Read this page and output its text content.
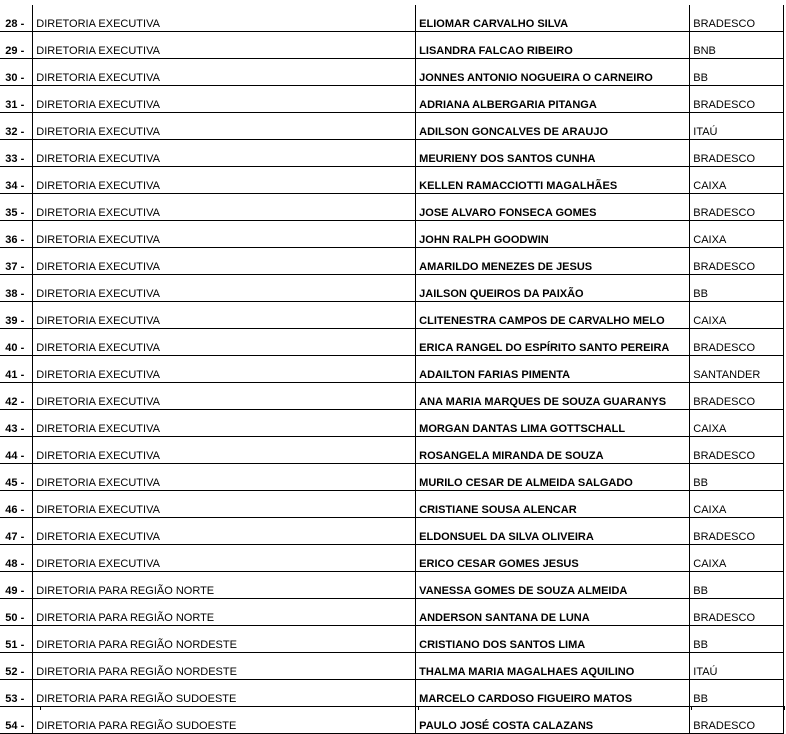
28 -	DIRETORIA EXECUTIVA	ELIOMAR CARVALHO SILVA	BRADESCO
29 -	DIRETORIA EXECUTIVA	LISANDRA FALCAO RIBEIRO	BNB
30 -	DIRETORIA EXECUTIVA	JONNES ANTONIO NOGUEIRA O CARNEIRO	BB
31 -	DIRETORIA EXECUTIVA	ADRIANA ALBERGARIA PITANGA	BRADESCO
32 -	DIRETORIA EXECUTIVA	ADILSON GONCALVES DE ARAUJO	ITAÚ
33 -	DIRETORIA EXECUTIVA	MEURIENY DOS SANTOS CUNHA	BRADESCO
34 -	DIRETORIA EXECUTIVA	KELLEN RAMACCIOTTI MAGALHÃES	CAIXA
35 -	DIRETORIA EXECUTIVA	JOSE ALVARO FONSECA GOMES	BRADESCO
36 -	DIRETORIA EXECUTIVA	JOHN RALPH GOODWIN	CAIXA
37 -	DIRETORIA EXECUTIVA	AMARILDO MENEZES DE JESUS	BRADESCO
38 -	DIRETORIA EXECUTIVA	JAILSON QUEIROS DA PAIXÃO	BB
39 -	DIRETORIA EXECUTIVA	CLITENESTRA CAMPOS DE CARVALHO MELO	CAIXA
40 -	DIRETORIA EXECUTIVA	ERICA RANGEL DO ESPÍRITO SANTO PEREIRA	BRADESCO
41 -	DIRETORIA EXECUTIVA	ADAILTON FARIAS PIMENTA	SANTANDER
42 -	DIRETORIA EXECUTIVA	ANA MARIA MARQUES DE SOUZA GUARANYS	BRADESCO
43 -	DIRETORIA EXECUTIVA	MORGAN DANTAS LIMA GOTTSCHALL	CAIXA
44 -	DIRETORIA EXECUTIVA	ROSANGELA MIRANDA DE SOUZA	BRADESCO
45 -	DIRETORIA EXECUTIVA	MURILO CESAR DE ALMEIDA SALGADO	BB
46 -	DIRETORIA EXECUTIVA	CRISTIANE SOUSA ALENCAR	CAIXA
47 -	DIRETORIA EXECUTIVA	ELDONSUEL DA SILVA OLIVEIRA	BRADESCO
48 -	DIRETORIA EXECUTIVA	ERICO CESAR GOMES JESUS	CAIXA
49 -	DIRETORIA PARA REGIÃO NORTE	VANESSA GOMES DE SOUZA ALMEIDA	BB
50 -	DIRETORIA PARA REGIÃO NORTE	ANDERSON SANTANA DE LUNA	BRADESCO
51 -	DIRETORIA PARA REGIÃO NORDESTE	CRISTIANO DOS SANTOS LIMA	BB
52 -	DIRETORIA PARA REGIÃO NORDESTE	THALMA MARIA MAGALHAES AQUILINO	ITAÚ
53 -	DIRETORIA PARA REGIÃO SUDOESTE	MARCELO CARDOSO FIGUEIRO MATOS	BB
54 -	DIRETORIA PARA REGIÃO SUDOESTE	PAULO JOSÉ COSTA CALAZANS	BRADESCO
